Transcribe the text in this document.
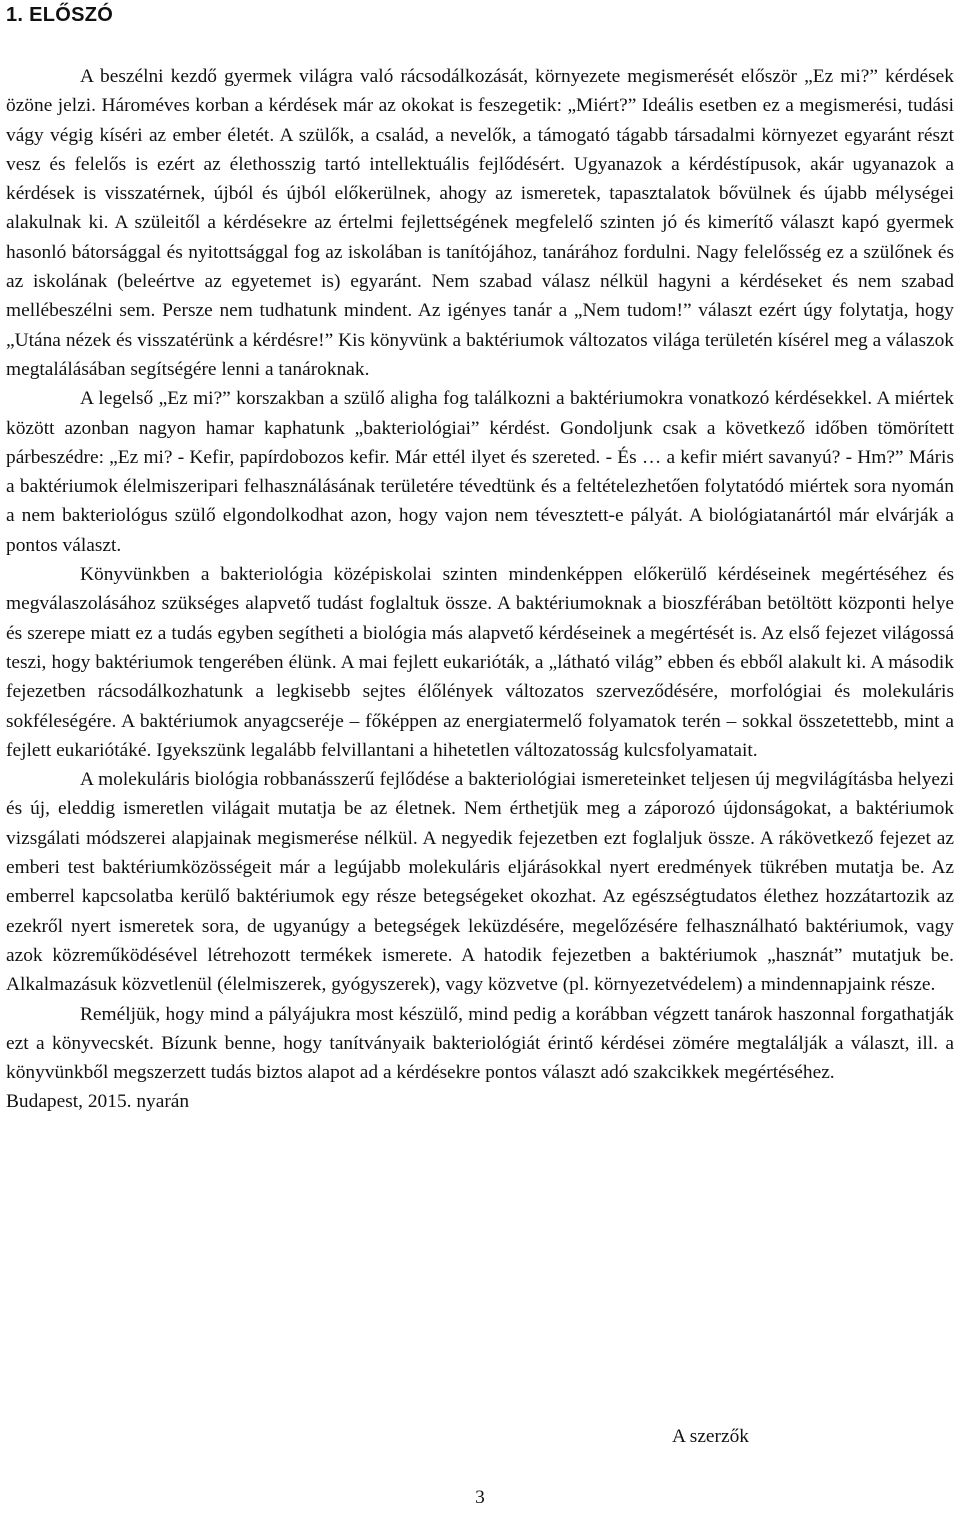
1. ELŐSZÓ

A beszélni kezdő gyermek világra való rácsodálkozását, környezete megismerését először „Ez mi?” kérdések özöne jelzi. Hároméves korban a kérdések már az okokat is feszegetik: „Miért?” Ideális esetben ez a megismerési, tudási vágy végig kíséri az ember életét. A szülők, a család, a nevelők, a támogató tágabb társadalmi környezet egyaránt részt vesz és felelős is ezért az élethosszig tartó intellektuális fejlődésért. Ugyanazok a kérdéstípusok, akár ugyanazok a kérdések is visszatérnek, újból és újból előkerülnek, ahogy az ismeretek, tapasztalatok bővülnek és újabb mélységei alakulnak ki. A szüleitől a kérdésekre az értelmi fejlettségének megfelelő szinten jó és kimerítő választ kapó gyermek hasonló bátorsággal és nyitottsággal fog az iskolában is tanítójához, tanárához fordulni. Nagy felelősség ez a szülőnek és az iskolának (beleértve az egyetemet is) egyaránt. Nem szabad válasz nélkül hagyni a kérdéseket és nem szabad mellébeszélni sem. Persze nem tudhatunk mindent. Az igényes tanár a „Nem tudom!” választ ezért úgy folytatja, hogy „Utána nézek és visszatérünk a kérdésre!” Kis könyvünk a baktériumok változatos világa területén kísérel meg a válaszok megtalálásában segítségére lenni a tanároknak.

A legelső „Ez mi?” korszakban a szülő aligha fog találkozni a baktériumokra vonatkozó kérdésekkel. A miértek között azonban nagyon hamar kaphatunk „bakteriológiai” kérdést. Gondoljunk csak a következő időben tömörített párbeszédre: „Ez mi? - Kefir, papírdobozos kefir. Már ettél ilyet és szereted. - És … a kefir miért savanyú? - Hm?” Máris a baktériumok élelmiszeripari felhasználásának területére tévedtünk és a feltételezhetően folytatódó miértek sora nyomán a nem bakteriológus szülő elgondolkodhat azon, hogy vajon nem tévesztett-e pályát. A biológiatanártól már elvárják a pontos választ.

Könyvünkben a bakteriológia középiskolai szinten mindenképpen előkerülő kérdéseinek megértéséhez és megválaszolásához szükséges alapvető tudást foglaltuk össze. A baktériumoknak a bioszférában betöltött központi helye és szerepe miatt ez a tudás egyben segítheti a biológia más alapvető kérdéseinek a megértését is. Az első fejezet világossá teszi, hogy baktériumok tengerében élünk. A mai fejlett eukarióták, a „látható világ” ebben és ebből alakult ki. A második fejezetben rácsodálkozhatunk a legkisebb sejtes élőlények változatos szerveződésére, morfológiai és molekuláris sokféleségére. A baktériumok anyagcseréje – főképpen az energiatermelő folyamatok terén – sokkal összetettebb, mint a fejlett eukariótáké. Igyekszünk legalább felvillantani a hihetetlen változatosság kulcsfolyamatait.

A molekuláris biológia robbanásszerű fejlődése a bakteriológiai ismereteinket teljesen új megvilágításba helyezi és új, eleddig ismeretlen világait mutatja be az életnek. Nem érthetjük meg a záporozó újdonságokat, a baktériumok vizsgálati módszerei alapjainak megismerése nélkül. A negyedik fejezetben ezt foglaljuk össze. A rákövetkező fejezet az emberi test baktériumközösségeit már a legújabb molekuláris eljárásokkal nyert eredmények tükrében mutatja be. Az emberrel kapcsolatba kerülő baktériumok egy része betegségeket okozhat. Az egészségtudatos élethez hozzátartozik az ezekről nyert ismeretek sora, de ugyanúgy a betegségek leküzdésére, megelőzésére felhasználható baktériumok, vagy azok közreműködésével létrehozott termékek ismerete. A hatodik fejezetben a baktériumok „hasznát” mutatjuk be. Alkalmazásuk közvetlenül (élelmiszerek, gyógyszerek), vagy közvetve (pl. környezetvédelem) a mindennapjaink része.

Reméljük, hogy mind a pályájukra most készülő, mind pedig a korábban végzett tanárok haszonnal forgathatják ezt a könyvecskét. Bízunk benne, hogy tanítványaik bakteriológiát érintő kérdései zömére megtalálják a választ, ill. a könyvünkből megszerzett tudás biztos alapot ad a kérdésekre pontos választ adó szakcikkek megértéséhez.

Budapest, 2015. nyarán

A szerzők
3
